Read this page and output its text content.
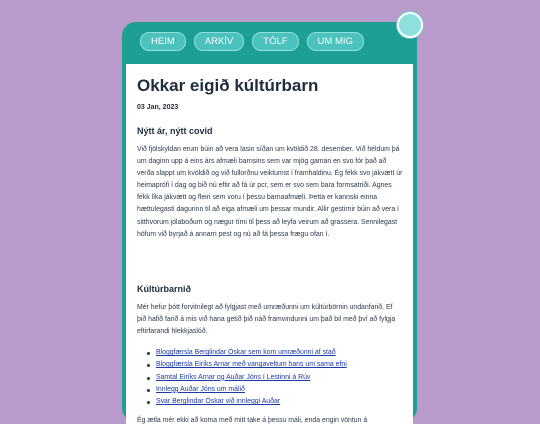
HEIM	ARKÍV	TÓLF	UM MIG
Okkar eigið kúltúrbarn
03 Jan, 2023
Nýtt ár, nýtt covid

Við fjölskyldan erum búin að vera lasin síðan um kvöldið 28. desember. Við héldum þá um daginn upp á eins árs afmæli barnsins sem var mjög gaman en svo fór það að verða slappt um kvöldið og við fullorðnu veiktumst í framhaldinu. Ég fékk svo jákvætt úr heimaprófi í dag og bið nú eftir að fá úr pcr, sem er svo sem bara formsatriði. Agnes fékk líka jákvætt og fleiri sem voru í þessu barnaafmæli. Þetta er kannski einna hættulegasti dagurinn til að eiga afmæli um þessar mundir. Allir gestirnir búin að vera í sitthvorum jólaboðum og nægur tími til þess að leyfa veirum að grassera. Sennilegast höfum við byrjað á annarri pest og nú að fá þessa frægu ofan í.

Kúltúrbarnið

Mér hefur þótt forvitnilegt að fylgjast með umræðunni um kúltúrbörnin undanfarið. Ef þið hafið farið á mis við hana getið þið náð framvindunni um það bil með því að fylgja eftirfarandi hlekkjaslóð.

Bloggfærsla Berglindar Óskar sem kom umræðunni af stað
Bloggfærsla Eiríks Arnar með vangaveltum hans um sama efni
Samtal Eiríks Arnar og Auðar Jóns í Lestinni á Rúv
Innlegg Auðar Jóns um málið
Svar Berglindar Óskar við innleggi Auðar

Ég ætla mér ekki að koma með mitt take á þessu máli, enda engin vöntun á
